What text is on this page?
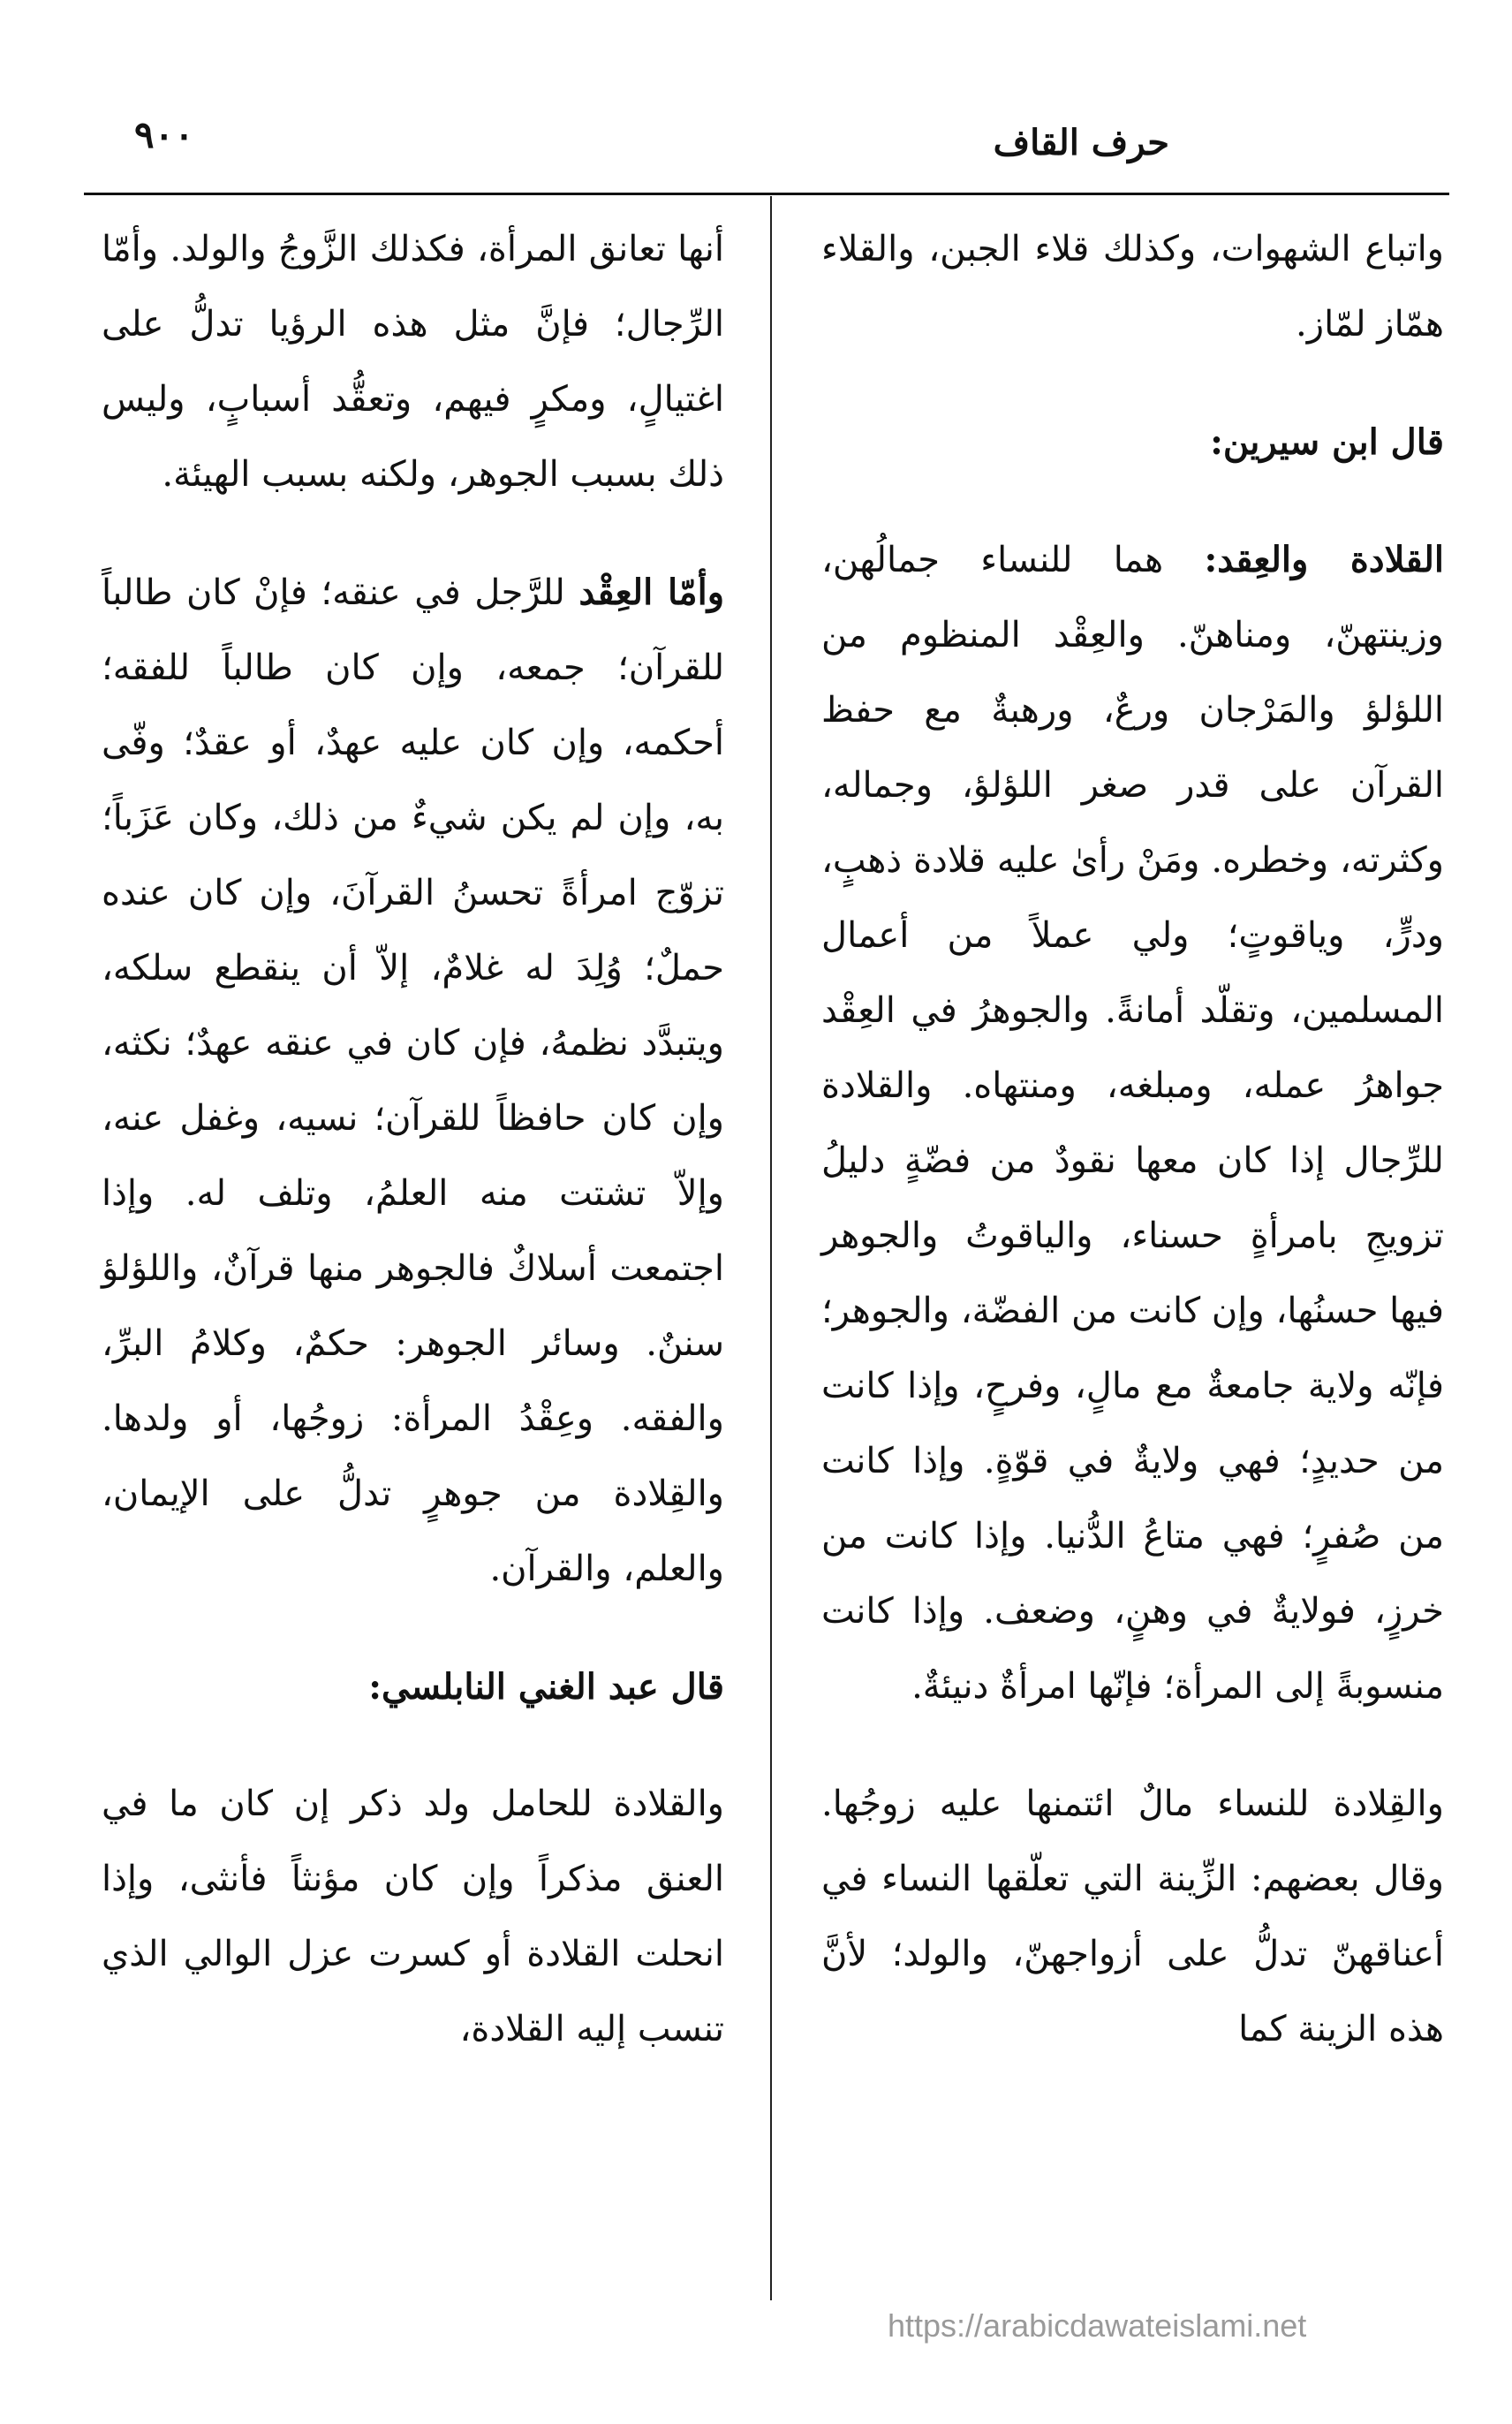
٩٠٠	حرف القاف

واتباع الشهوات، وكذلك قلاء الجبن، والقلاء همّاز لمّاز.

قال ابن سيرين:

القلادة والعِقد: هما للنساء جمالُهن، وزينتهنّ، ومناهنّ. والعِقْد المنظوم من اللؤلؤ والمَرْجان ورعٌ، ورهبةٌ مع حفظ القرآن على قدر صغر اللؤلؤ، وجماله، وكثرته، وخطره. ومَنْ رأىٰ عليه قلادة ذهبٍ، ودرٍّ، وياقوتٍ؛ ولي عملاً من أعمال المسلمين، وتقلّد أمانةً. والجوهرُ في العِقْد جواهرُ عمله، ومبلغه، ومنتهاه. والقلادة للرِّجال إذا كان معها نقودٌ من فضّةٍ دليلُ تزويجِ بامرأةٍ حسناء، والياقوتُ والجوهر فيها حسنُها، وإن كانت من الفضّة، والجوهر؛ فإنّه ولاية جامعةٌ مع مالٍ، وفرحٍ، وإذا كانت من حديدٍ؛ فهي ولايةٌ في قوّةٍ. وإذا كانت من صُفرٍ؛ فهي متاعُ الدُّنيا. وإذا كانت من خرزٍ، فولايةٌ في وهنٍ، وضعف. وإذا كانت منسوبةً إلى المرأة؛ فإنّها امرأةٌ دنيئةٌ.

والقِلادة للنساء مالٌ ائتمنها عليه زوجُها. وقال بعضهم: الزِّينة التي تعلّقها النساء في أعناقهنّ تدلُّ على أزواجهنّ، والولد؛ لأنَّ هذه الزينة كما

أنها تعانق المرأة، فكذلك الزَّوجُ والولد. وأمّا الرِّجال؛ فإنَّ مثل هذه الرؤيا تدلُّ على اغتيالٍ، ومكرٍ فيهم، وتعقُّد أسبابٍ، وليس ذلك بسبب الجوهر، ولكنه بسبب الهيئة.

وأمّا العِقْد للرَّجل في عنقه؛ فإنْ كان طالباً للقرآن؛ جمعه، وإن كان طالباً للفقه؛ أحكمه، وإن كان عليه عهدٌ، أو عقدٌ؛ وفّى به، وإن لم يكن شيءٌ من ذلك، وكان عَزَباً؛ تزوّج امرأةً تحسنُ القرآنَ، وإن كان عنده حملٌ؛ وُلِدَ له غلامٌ، إلاّ أن ينقطع سلكه، ويتبدَّد نظمهُ، فإن كان في عنقه عهدٌ؛ نكثه، وإن كان حافظاً للقرآن؛ نسيه، وغفل عنه، وإلاّ تشتت منه العلمُ، وتلف له. وإذا اجتمعت أسلاكٌ فالجوهر منها قرآنٌ، واللؤلؤ سننٌ. وسائر الجوهر: حكمٌ، وكلامُ البرِّ، والفقه. وعِقْدُ المرأة: زوجُها، أو ولدها. والقِلادة من جوهرٍ تدلُّ على الإيمان، والعلم، والقرآن.

قال عبد الغني النابلسي:

والقلادة للحامل ولد ذكر إن كان ما في العنق مذكراً وإن كان مؤنثاً فأنثى، وإذا انحلت القلادة أو كسرت عزل الوالي الذي تنسب إليه القلادة،

https://arabicdawateislami.net
